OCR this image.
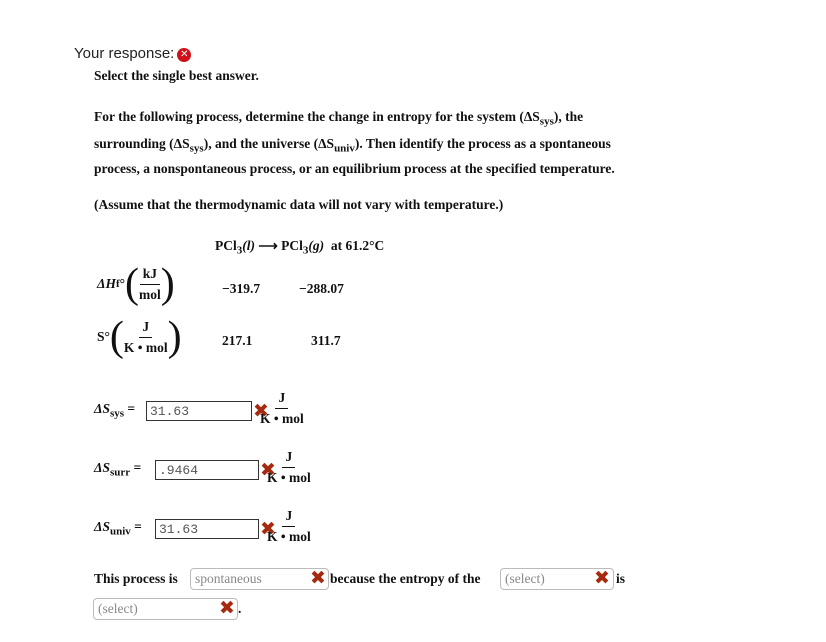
Your response: ✕
Select the single best answer.
For the following process, determine the change in entropy for the system $(\Delta S_{sys})$, the
surrounding $(\Delta S_{sys})$, and the universe $(\Delta S_{univ})$. Then identify the process as a spontaneous
process, a nonspontaneous process, or an equilibrium process at the specified temperature.
(Assume that the thermodynamic data will not vary with temperature.)
PCl$_3$(l) ⟶ PCl$_3$(g) at 61.2°C
ΔH f ° ( $\frac{kJ}{\text{mol}}$ )	−319.7	−288.07
S° ( $\frac{J}{\text{K • mol}}$ )	217.1	311.7
$\Delta S_{sys}$ =	31.63	✖
J
K • mol
$\Delta S_{surr}$ =	.9464	✖
J
K • mol
$\Delta S_{univ}$ =	31.63	✖
J
K • mol
This process is	spontaneous	✖ because the entropy of the	(select)	✖ is
(select)	✖ .
